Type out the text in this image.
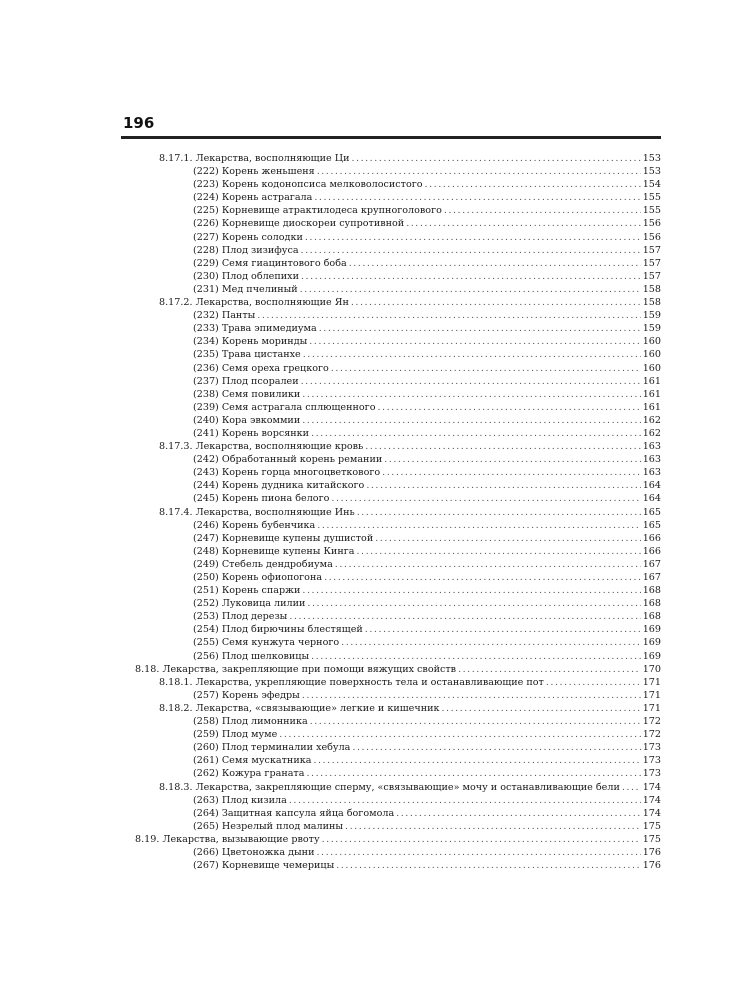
196
8.17.1. Лекарства, восполняющие Ци .....	153
(222) Корень женьшеня .....	153
(223) Корень кодонопсиса мелковолосистого .....	154
(224) Корень астрагала .....	155
(225) Корневище атрактилодеса крупноголового .....	155
(226) Корневище диоскореи супротивной .....	156
(227) Корень солодки .....	156
(228) Плод зизифуса .....	157
(229) Семя гиацинтового боба .....	157
(230) Плод облепихи .....	157
(231) Мед пчелиный .....	158
8.17.2. Лекарства, восполняющие Ян .....	158
(232) Панты .....	159
(233) Трава эпимедиума .....	159
(234) Корень моринды .....	160
(235) Трава цистанхе .....	160
(236) Семя ореха грецкого .....	160
(237) Плод псоралеи .....	161
(238) Семя повилики .....	161
(239) Семя астрагала сплющенного .....	161
(240) Кора эвкоммии .....	162
(241) Корень ворсянки .....	162
8.17.3. Лекарства, восполняющие кровь .....	163
(242) Обработанный корень ремании .....	163
(243) Корень горца многоцветкового .....	163
(244) Корень дудника китайского .....	164
(245) Корень пиона белого .....	164
8.17.4. Лекарства, восполняющие Инь .....	165
(246) Корень бубенчика .....	165
(247) Корневище купены душистой .....	166
(248) Корневище купены Кинга .....	166
(249) Стебель дендробиума .....	167
(250) Корень офиопогона .....	167
(251) Корень спаржи .....	168
(252) Луковица лилии .....	168
(253) Плод дерезы .....	168
(254) Плод бирючины блестящей .....	169
(255) Семя кунжута черного .....	169
(256) Плод шелковицы .....	169
8.18. Лекарства, закрепляющие при помощи вяжущих свойств .....	170
8.18.1. Лекарства, укрепляющие поверхность тела и останавливающие пот .....	171
(257) Корень эфедры .....	171
8.18.2. Лекарства, «связывающие» легкие и кишечник .....	171
(258) Плод лимонника .....	172
(259) Плод муме .....	172
(260) Плод терминалии хебула .....	173
(261) Семя мускатника .....	173
(262) Кожура граната .....	173
8.18.3. Лекарства, закрепляющие сперму, «связывающие» мочу и останавливающие бели ..... 174
(263) Плод кизила .....	174
(264) Защитная капсула яйца богомола .....	174
(265) Незрелый плод малины .....	175
8.19. Лекарства, вызывающие рвоту .....	175
(266) Цветоножка дыни .....	176
(267) Корневище чемерицы .....	176
